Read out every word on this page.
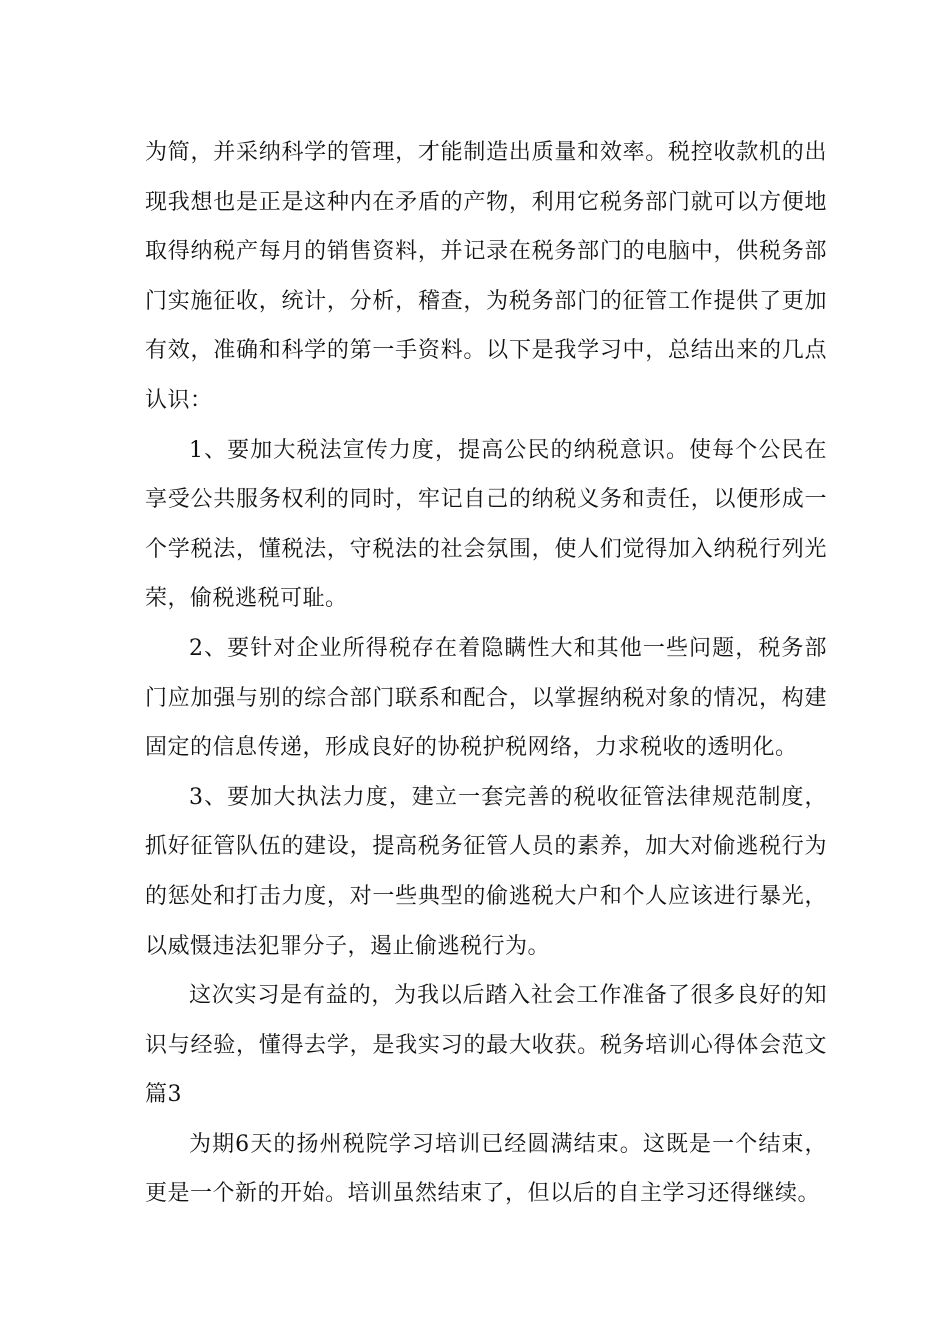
为简，并采纳科学的管理，才能制造出质量和效率。税控收款机的出现我想也是正是这种内在矛盾的产物，利用它税务部门就可以方便地取得纳税产每月的销售资料，并记录在税务部门的电脑中，供税务部门实施征收，统计，分析，稽查，为税务部门的征管工作提供了更加有效，准确和科学的第一手资料。以下是我学习中，总结出来的几点认识：

1、要加大税法宣传力度，提高公民的纳税意识。使每个公民在享受公共服务权利的同时，牢记自己的纳税义务和责任，以便形成一个学税法，懂税法，守税法的社会氛围，使人们觉得加入纳税行列光荣，偷税逃税可耻。

2、要针对企业所得税存在着隐瞒性大和其他一些问题，税务部门应加强与别的综合部门联系和配合，以掌握纳税对象的情况，构建固定的信息传递，形成良好的协税护税网络，力求税收的透明化。

3、要加大执法力度，建立一套完善的税收征管法律规范制度，抓好征管队伍的建设，提高税务征管人员的素养，加大对偷逃税行为的惩处和打击力度，对一些典型的偷逃税大户和个人应该进行暴光，以威慑违法犯罪分子，遏止偷逃税行为。

这次实习是有益的，为我以后踏入社会工作准备了很多良好的知识与经验，懂得去学，是我实习的最大收获。税务培训心得体会范文篇3

为期6天的扬州税院学习培训已经圆满结束。这既是一个结束，更是一个新的开始。培训虽然结束了，但以后的自主学习还得继续。
